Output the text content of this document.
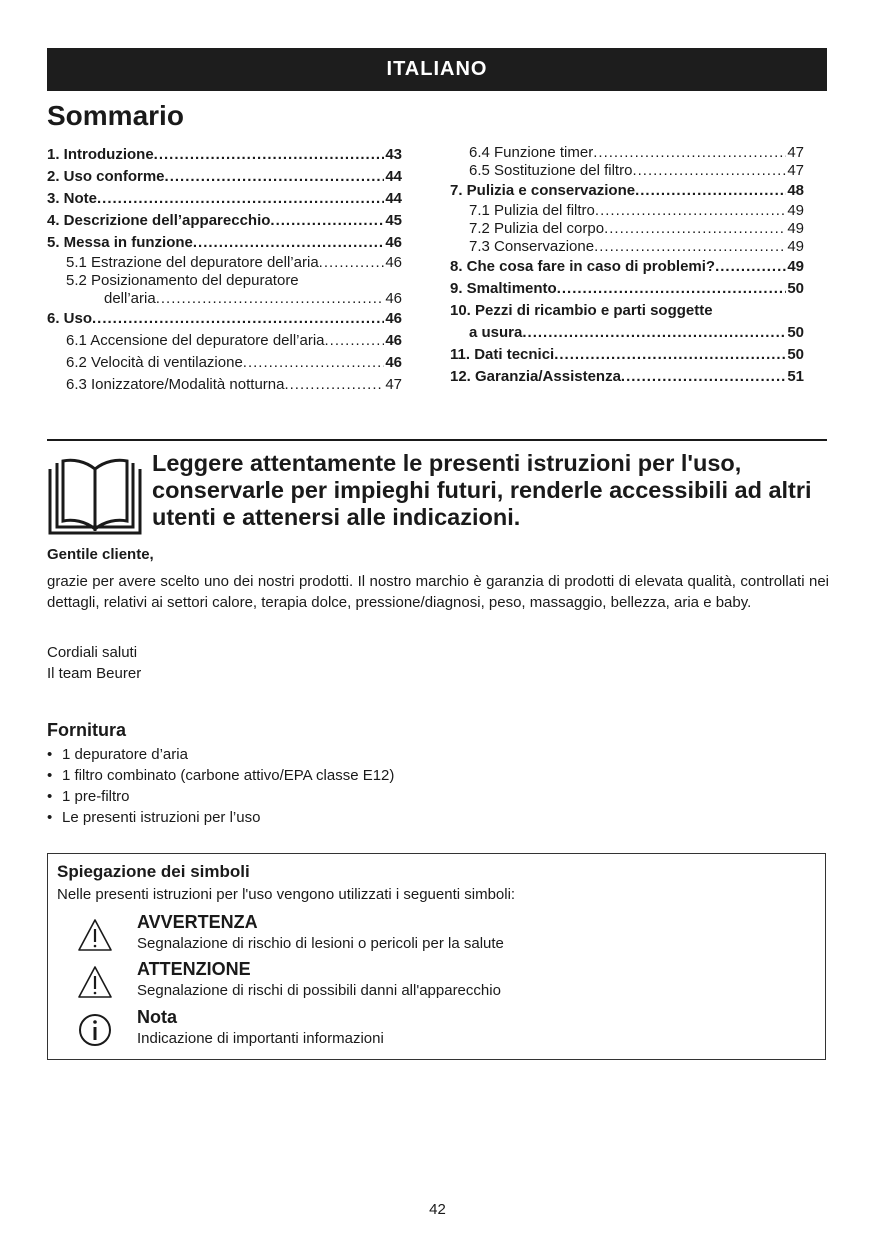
ITALIANO
Sommario
1. Introduzione .....	43
2. Uso conforme .....	44
3. Note .....	44
4. Descrizione dell’apparecchio .....	45
5. Messa in funzione .....	46
5.1 Estrazione del depuratore dell’aria .....	46
5.2 Posizionamento del depuratore
dell’aria .....	46
6. Uso .....	46
6.1 Accensione del depuratore dell’aria .....	46
6.2 Velocità di ventilazione .....	46
6.3 Ionizzatore/Modalità notturna .....	47
6.4 Funzione timer .....	47
6.5 Sostituzione del filtro .....	47
7. Pulizia e conservazione .....	48
7.1 Pulizia del filtro .....	49
7.2 Pulizia del corpo .....	49
7.3 Conservazione .....	49
8. Che cosa fare in caso di problemi? .....	49
9. Smaltimento .....	50
10. Pezzi di ricambio e parti soggette
a usura .....	50
11. Dati tecnici .....	50
12. Garanzia/Assistenza .....	51
Leggere attentamente le presenti istruzioni per l'uso, conservarle per impieghi futuri, renderle accessibili ad altri utenti e attenersi alle indicazioni.
Gentile cliente,
grazie per avere scelto uno dei nostri prodotti. Il nostro marchio è garanzia di prodotti di elevata qualità, controllati nei dettagli, relativi ai settori calore, terapia dolce, pressione/diagnosi, peso, massaggio, bellezza, aria e baby.
Cordiali saluti
Il team Beurer
Fornitura
• 1 depuratore d’aria
• 1 filtro combinato (carbone attivo/EPA classe E12)
• 1 pre-filtro
• Le presenti istruzioni per l’uso
Spiegazione dei simboli
Nelle presenti istruzioni per l'uso vengono utilizzati i seguenti simboli:
AVVERTENZA
Segnalazione di rischio di lesioni o pericoli per la salute
ATTENZIONE
Segnalazione di rischi di possibili danni all'apparecchio
Nota
Indicazione di importanti informazioni
42
